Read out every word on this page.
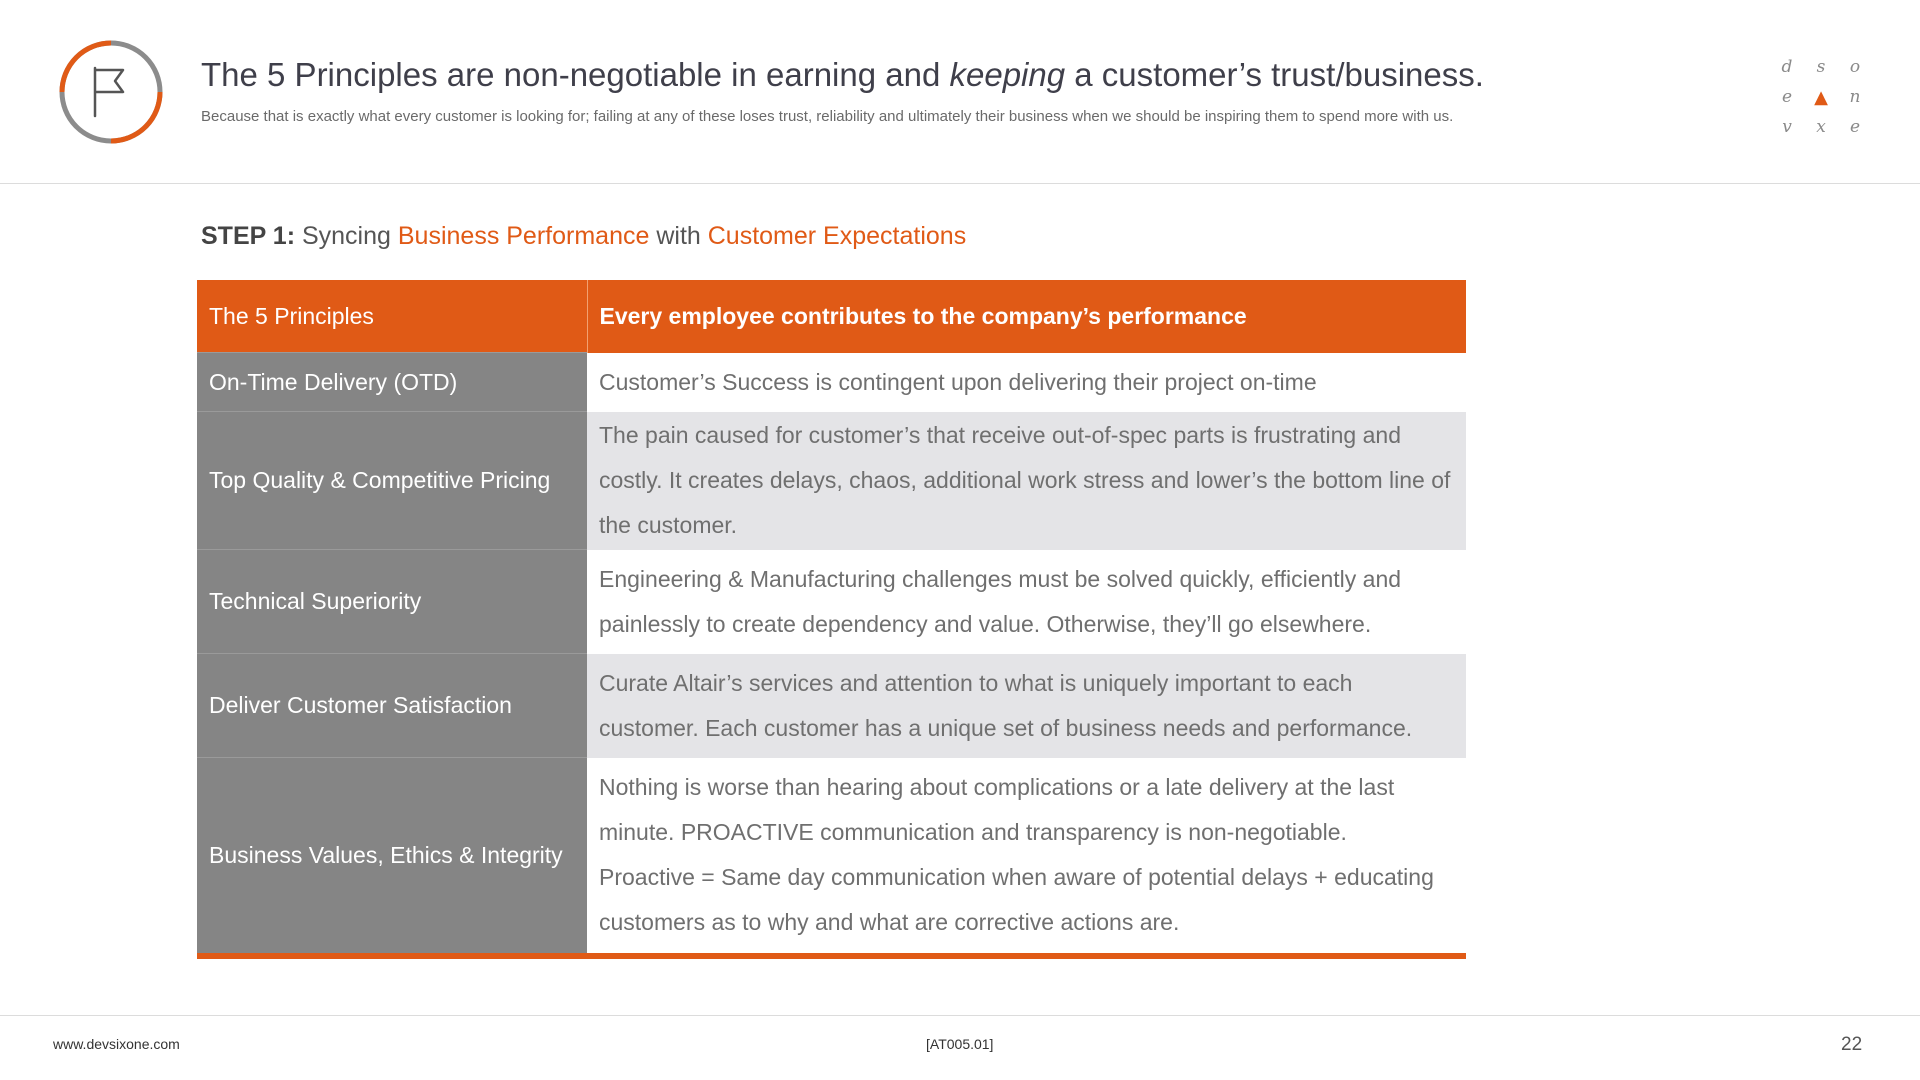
The 5 Principles are non-negotiable in earning and keeping a customer’s trust/business.

Because that is exactly what every customer is looking for; failing at any of these loses trust, reliability and ultimately their business when we should be inspiring them to spend more with us.

d	s	o
e	▲	n
v	x	e

STEP 1: Syncing Business Performance with Customer Expectations

The 5 Principles	Every employee contributes to the company’s performance
On-Time Delivery (OTD)	Customer’s Success is contingent upon delivering their project on-time

Top Quality & Competitive Pricing	The pain caused for customer’s that receive out-of-spec parts is frustrating and costly. It creates delays, chaos, additional work stress and lower’s the bottom line of the customer.

Technical Superiority	Engineering & Manufacturing challenges must be solved quickly, efficiently and painlessly to create dependency and value. Otherwise, they’ll go elsewhere.

Deliver Customer Satisfaction	Curate Altair’s services and attention to what is uniquely important to each customer. Each customer has a unique set of business needs and performance.

Business Values, Ethics & Integrity	Nothing is worse than hearing about complications or a late delivery at the last minute. PROACTIVE communication and transparency is non-negotiable.

Proactive = Same day communication when aware of potential delays + educating customers as to why and what are corrective actions are.

www.devsixone.com	[AT005.01]	22
